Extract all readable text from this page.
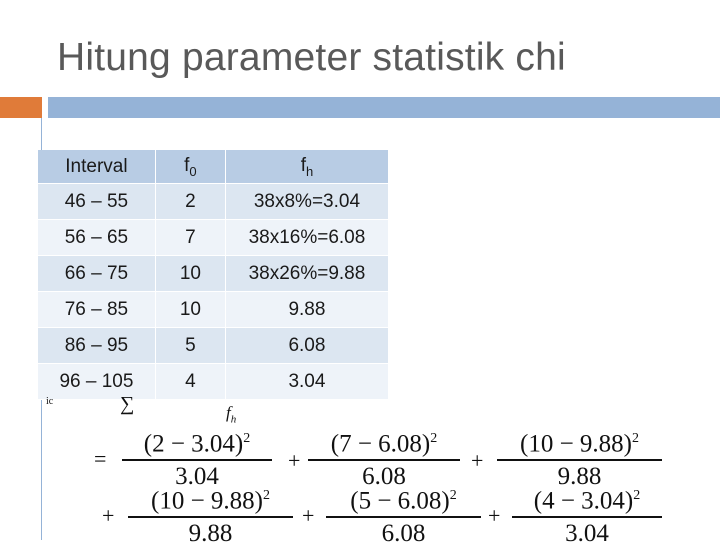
Hitung parameter statistik chi
Interval	$f_0$	$f_h$
46 – 55	2	38x8%=3.04
56 – 65	7	38x16%=6.08
66 – 75	10	38x26%=9.88
76 – 85	10	9.88
86 – 95	5	6.08
96 – 105	4	3.04
ic	∑	$f_h$
=
$(2 - 3.04)^2$
3.04
+
$(7 - 6.08)^2$
6.08
+
$(10 - 9.88)^2$
9.88
+
$(10 - 9.88)^2$
9.88
+
$(5 - 6.08)^2$
6.08
+
$(4 - 3.04)^2$
3.04
